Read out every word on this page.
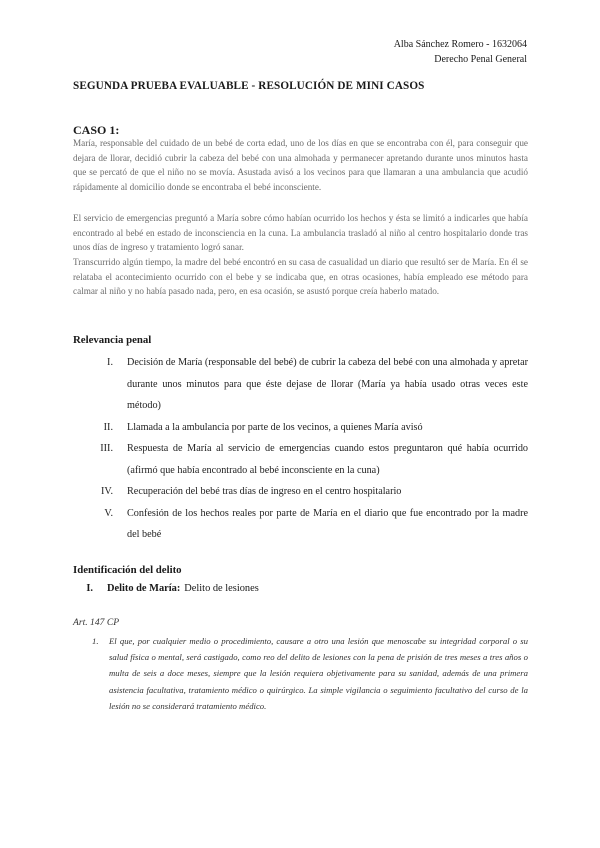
Alba Sánchez Romero - 1632064
Derecho Penal General
SEGUNDA PRUEBA EVALUABLE - RESOLUCIÓN DE MINI CASOS
CASO 1:

María, responsable del cuidado de un bebé de corta edad, uno de los días en que se encontraba con él, para conseguir que dejara de llorar, decidió cubrir la cabeza del bebé con una almohada y permanecer apretando durante unos minutos hasta que se percató de que el niño no se movía. Asustada avisó a los vecinos para que llamaran a una ambulancia que acudió rápidamente al domicilio donde se encontraba el bebé inconsciente.

El servicio de emergencias preguntó a María sobre cómo habían ocurrido los hechos y ésta se limitó a indicarles que había encontrado al bebé en estado de inconsciencia en la cuna. La ambulancia trasladó al niño al centro hospitalario donde tras unos días de ingreso y tratamiento logró sanar.

Transcurrido algún tiempo, la madre del bebé encontró en su casa de casualidad un diario que resultó ser de María. En él se relataba el acontecimiento ocurrido con el bebe y se indicaba que, en otras ocasiones, había empleado ese método para calmar al niño y no había pasado nada, pero, en esa ocasión, se asustó porque creía haberlo matado.

Relevancia penal
I.	Decisión de María (responsable del bebé) de cubrir la cabeza del bebé con una almohada y apretar durante unos minutos para que éste dejase de llorar (María ya había usado otras veces este método)
II.	Llamada a la ambulancia por parte de los vecinos, a quienes María avisó
III.	Respuesta de María al servicio de emergencias cuando estos preguntaron qué había ocurrido (afirmó que había encontrado al bebé inconsciente en la cuna)
IV.	Recuperación del bebé tras días de ingreso en el centro hospitalario
V.	Confesión de los hechos reales por parte de María en el diario que fue encontrado por la madre del bebé
Identificación del delito
I.	Delito de María: Delito de lesiones
Art. 147 CP
1.	El que, por cualquier medio o procedimiento, causare a otro una lesión que menoscabe su integridad corporal o su salud física o mental, será castigado, como reo del delito de lesiones con la pena de prisión de tres meses a tres años o multa de seis a doce meses, siempre que la lesión requiera objetivamente para su sanidad, además de una primera asistencia facultativa, tratamiento médico o quirúrgico. La simple vigilancia o seguimiento facultativo del curso de la lesión no se considerará tratamiento médico.
